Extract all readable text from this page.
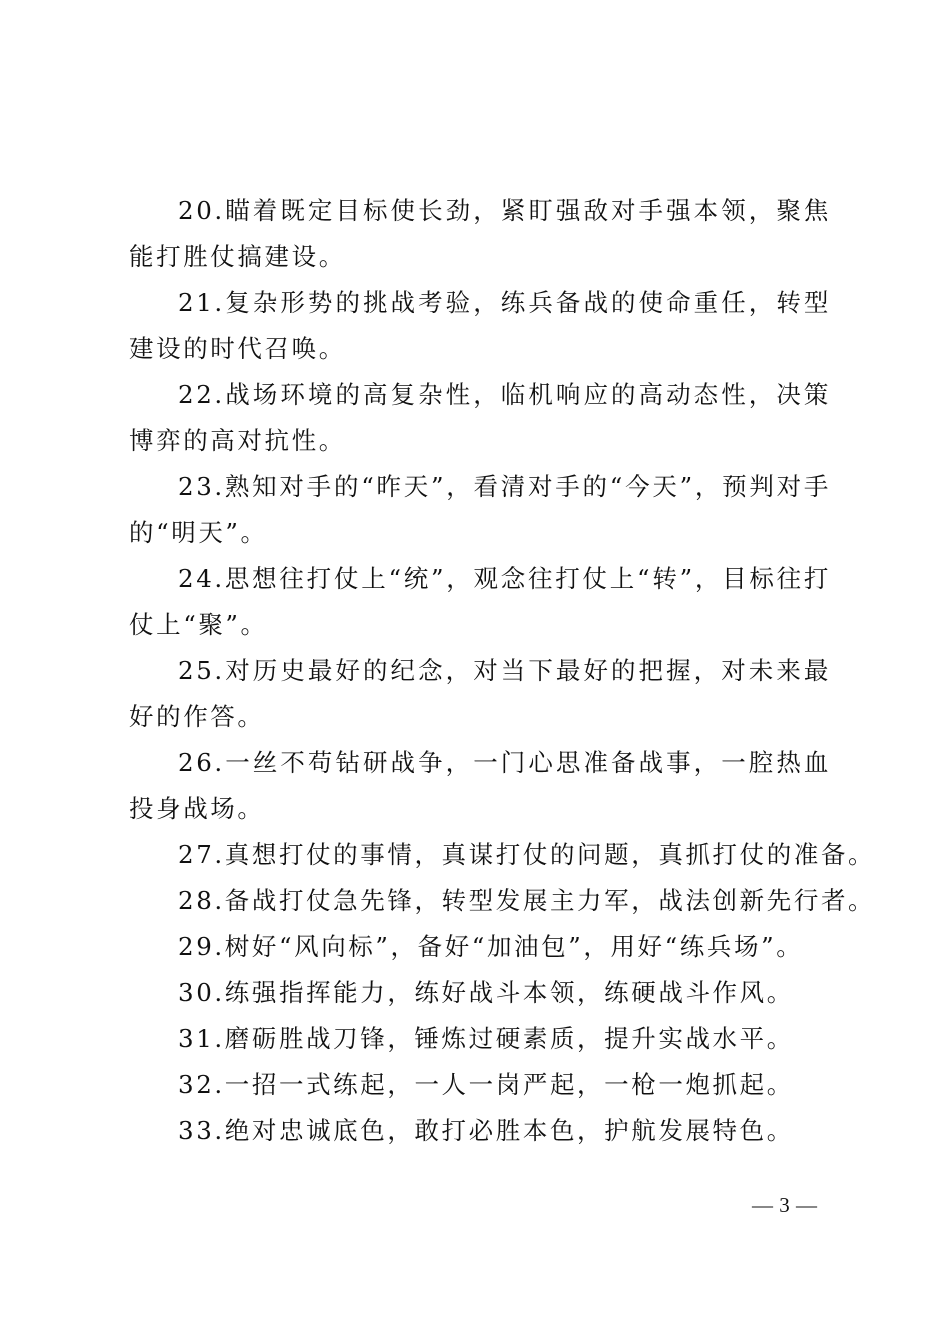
20.瞄着既定目标使长劲，紧盯强敌对手强本领，聚焦能打胜仗搞建设。

21.复杂形势的挑战考验，练兵备战的使命重任，转型建设的时代召唤。

22.战场环境的高复杂性，临机响应的高动态性，决策博弈的高对抗性。

23.熟知对手的“昨天”，看清对手的“今天”，预判对手的“明天”。

24.思想往打仗上“统”，观念往打仗上“转”，目标往打仗上“聚”。

25.对历史最好的纪念，对当下最好的把握，对未来最好的作答。

26.一丝不苟钻研战争，一门心思准备战事，一腔热血投身战场。

27.真想打仗的事情，真谋打仗的问题，真抓打仗的准备。

28.备战打仗急先锋，转型发展主力军，战法创新先行者。

29.树好“风向标”，备好“加油包”，用好“练兵场”。

30.练强指挥能力，练好战斗本领，练硬战斗作风。

31.磨砺胜战刀锋，锤炼过硬素质，提升实战水平。

32.一招一式练起，一人一岗严起，一枪一炮抓起。

33.绝对忠诚底色，敢打必胜本色，护航发展特色。

— 3 —
